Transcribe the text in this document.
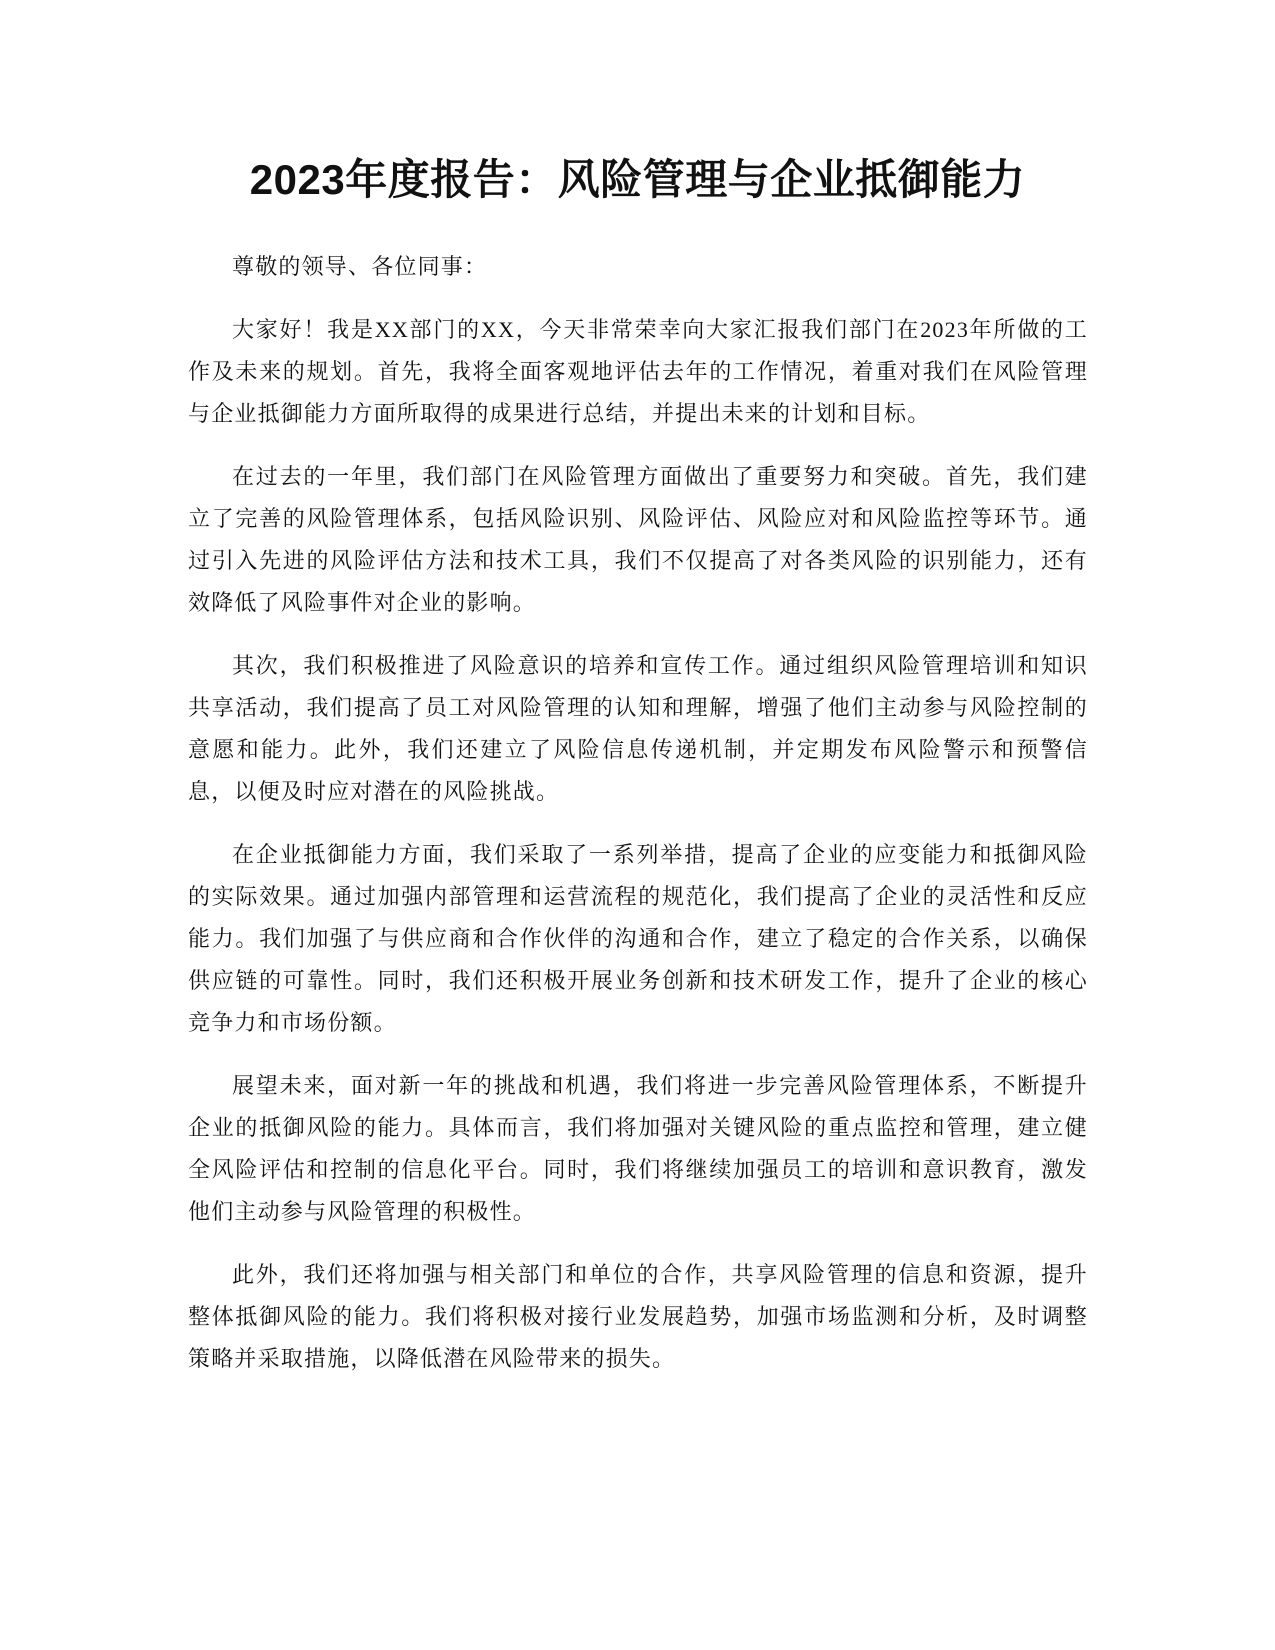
2023年度报告：风险管理与企业抵御能力

尊敬的领导、各位同事：

大家好！我是XX部门的XX，今天非常荣幸向大家汇报我们部门在2023年所做的工作及未来的规划。首先，我将全面客观地评估去年的工作情况，着重对我们在风险管理与企业抵御能力方面所取得的成果进行总结，并提出未来的计划和目标。

在过去的一年里，我们部门在风险管理方面做出了重要努力和突破。首先，我们建立了完善的风险管理体系，包括风险识别、风险评估、风险应对和风险监控等环节。通过引入先进的风险评估方法和技术工具，我们不仅提高了对各类风险的识别能力，还有效降低了风险事件对企业的影响。

其次，我们积极推进了风险意识的培养和宣传工作。通过组织风险管理培训和知识共享活动，我们提高了员工对风险管理的认知和理解，增强了他们主动参与风险控制的意愿和能力。此外，我们还建立了风险信息传递机制，并定期发布风险警示和预警信息，以便及时应对潜在的风险挑战。

在企业抵御能力方面，我们采取了一系列举措，提高了企业的应变能力和抵御风险的实际效果。通过加强内部管理和运营流程的规范化，我们提高了企业的灵活性和反应能力。我们加强了与供应商和合作伙伴的沟通和合作，建立了稳定的合作关系，以确保供应链的可靠性。同时，我们还积极开展业务创新和技术研发工作，提升了企业的核心竞争力和市场份额。

展望未来，面对新一年的挑战和机遇，我们将进一步完善风险管理体系，不断提升企业的抵御风险的能力。具体而言，我们将加强对关键风险的重点监控和管理，建立健全风险评估和控制的信息化平台。同时，我们将继续加强员工的培训和意识教育，激发他们主动参与风险管理的积极性。

此外，我们还将加强与相关部门和单位的合作，共享风险管理的信息和资源，提升整体抵御风险的能力。我们将积极对接行业发展趋势，加强市场监测和分析，及时调整策略并采取措施，以降低潜在风险带来的损失。
